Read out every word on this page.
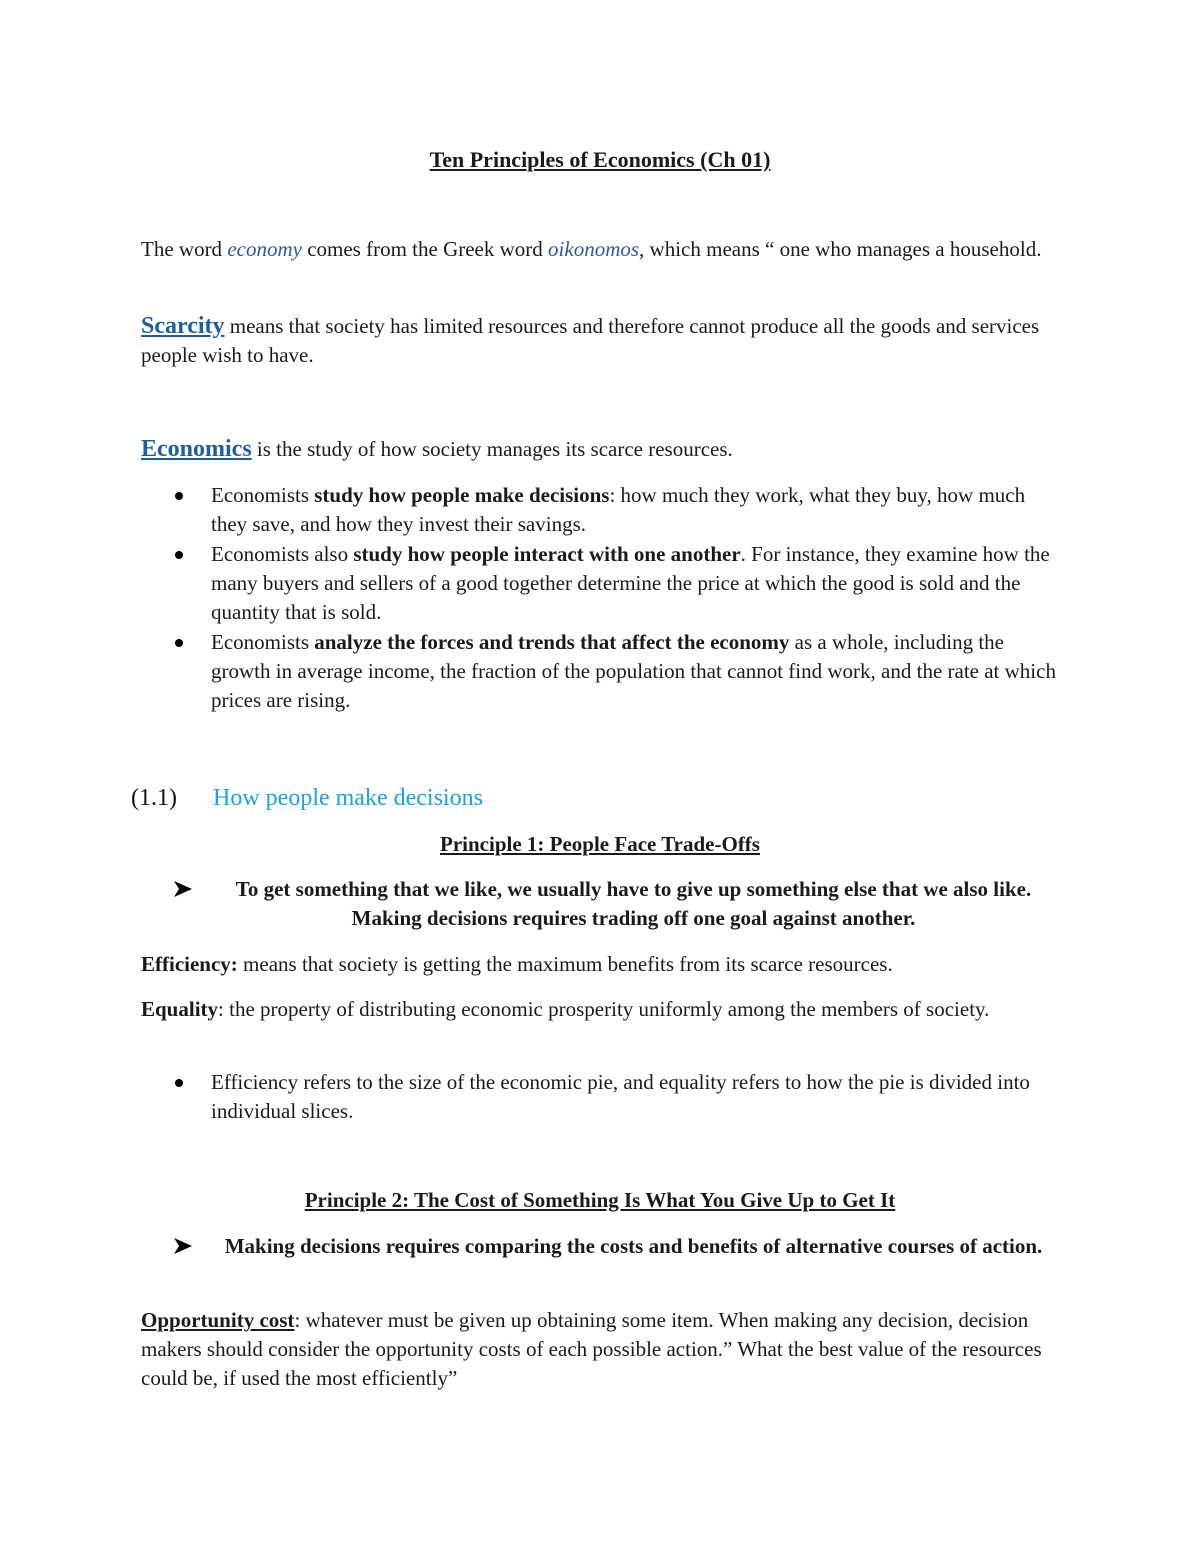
Ten Principles of Economics (Ch 01)
The word economy comes from the Greek word oikonomos, which means “ one who manages a household.
Scarcity means that society has limited resources and therefore cannot produce all the goods and services people wish to have.
Economics is the study of how society manages its scarce resources.
Economists study how people make decisions: how much they work, what they buy, how much they save, and how they invest their savings.
Economists also study how people interact with one another. For instance, they examine how the many buyers and sellers of a good together determine the price at which the good is sold and the quantity that is sold.
Economists analyze the forces and trends that affect the economy as a whole, including the growth in average income, the fraction of the population that cannot find work, and the rate at which prices are rising.
(1.1) How people make decisions
Principle 1: People Face Trade-Offs
To get something that we like, we usually have to give up something else that we also like. Making decisions requires trading off one goal against another.
Efficiency: means that society is getting the maximum benefits from its scarce resources.
Equality: the property of distributing economic prosperity uniformly among the members of society.
Efficiency refers to the size of the economic pie, and equality refers to how the pie is divided into individual slices.
Principle 2: The Cost of Something Is What You Give Up to Get It
Making decisions requires comparing the costs and benefits of alternative courses of action.
Opportunity cost: whatever must be given up obtaining some item. When making any decision, decision makers should consider the opportunity costs of each possible action.” What the best value of the resources could be, if used the most efficiently”
